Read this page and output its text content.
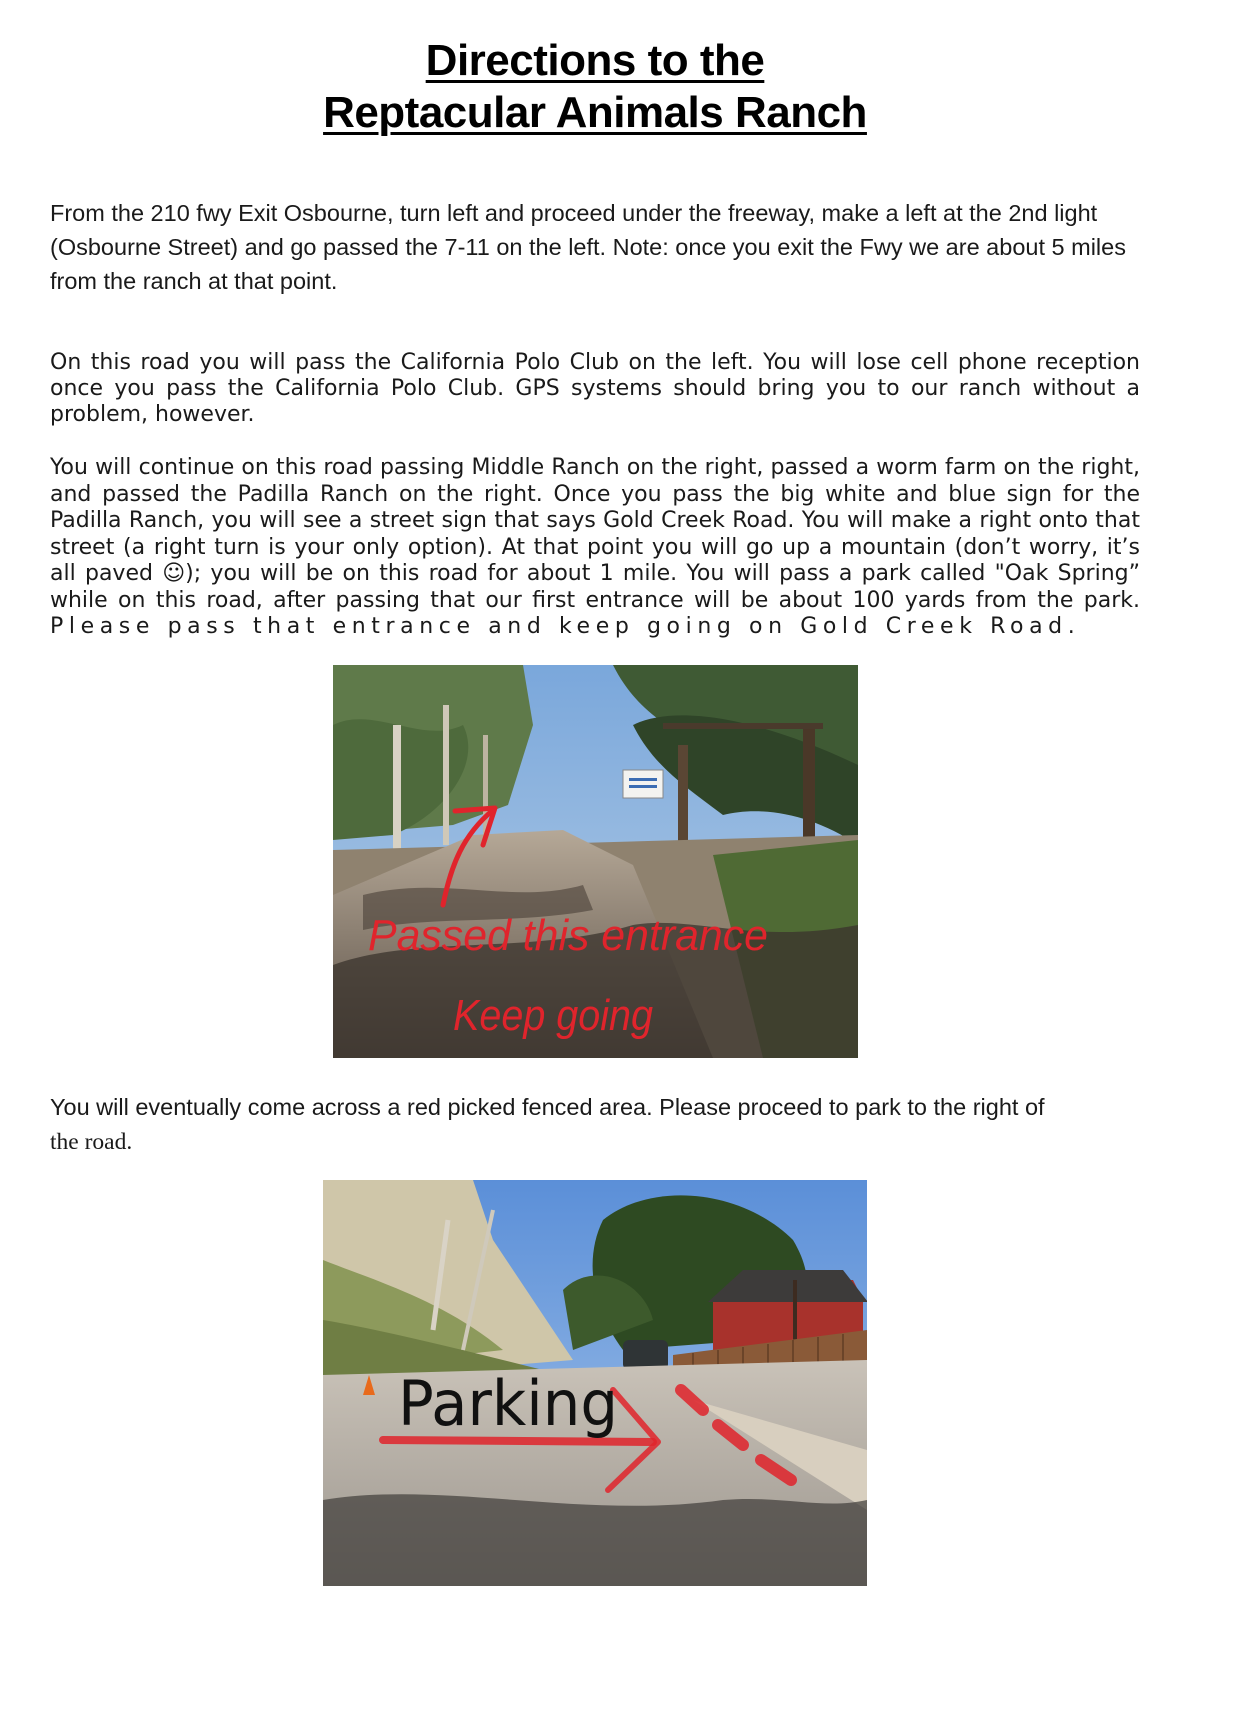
Directions to the
Reptacular Animals Ranch

From the 210 fwy Exit Osbourne, turn left and proceed under the freeway, make a left at the 2nd light (Osbourne Street) and go passed the 7-11 on the left. Note: once you exit the Fwy we are about 5 miles from the ranch at that point.

On this road you will pass the California Polo Club on the left. You will lose cell phone reception once you pass the California Polo Club. GPS systems should bring you to our ranch without a problem, however.

You will continue on this road passing Middle Ranch on the right, passed a worm farm on the right, and passed the Padilla Ranch on the right. Once you pass the big white and blue sign for the Padilla Ranch, you will see a street sign that says Gold Creek Road. You will make a right onto that street (a right turn is your only option). At that point you will go up a mountain (don’t worry, it’s all paved ☺); you will be on this road for about 1 mile. You will pass a park called "Oak Spring” while on this road, after passing that our first entrance will be about 100 yards from the park.
Please pass that entrance and keep going on Gold Creek Road.

Passed this entrance
Keep going

You will eventually come across a red picked fenced area. Please proceed to park to the right of
the road.

Parking
